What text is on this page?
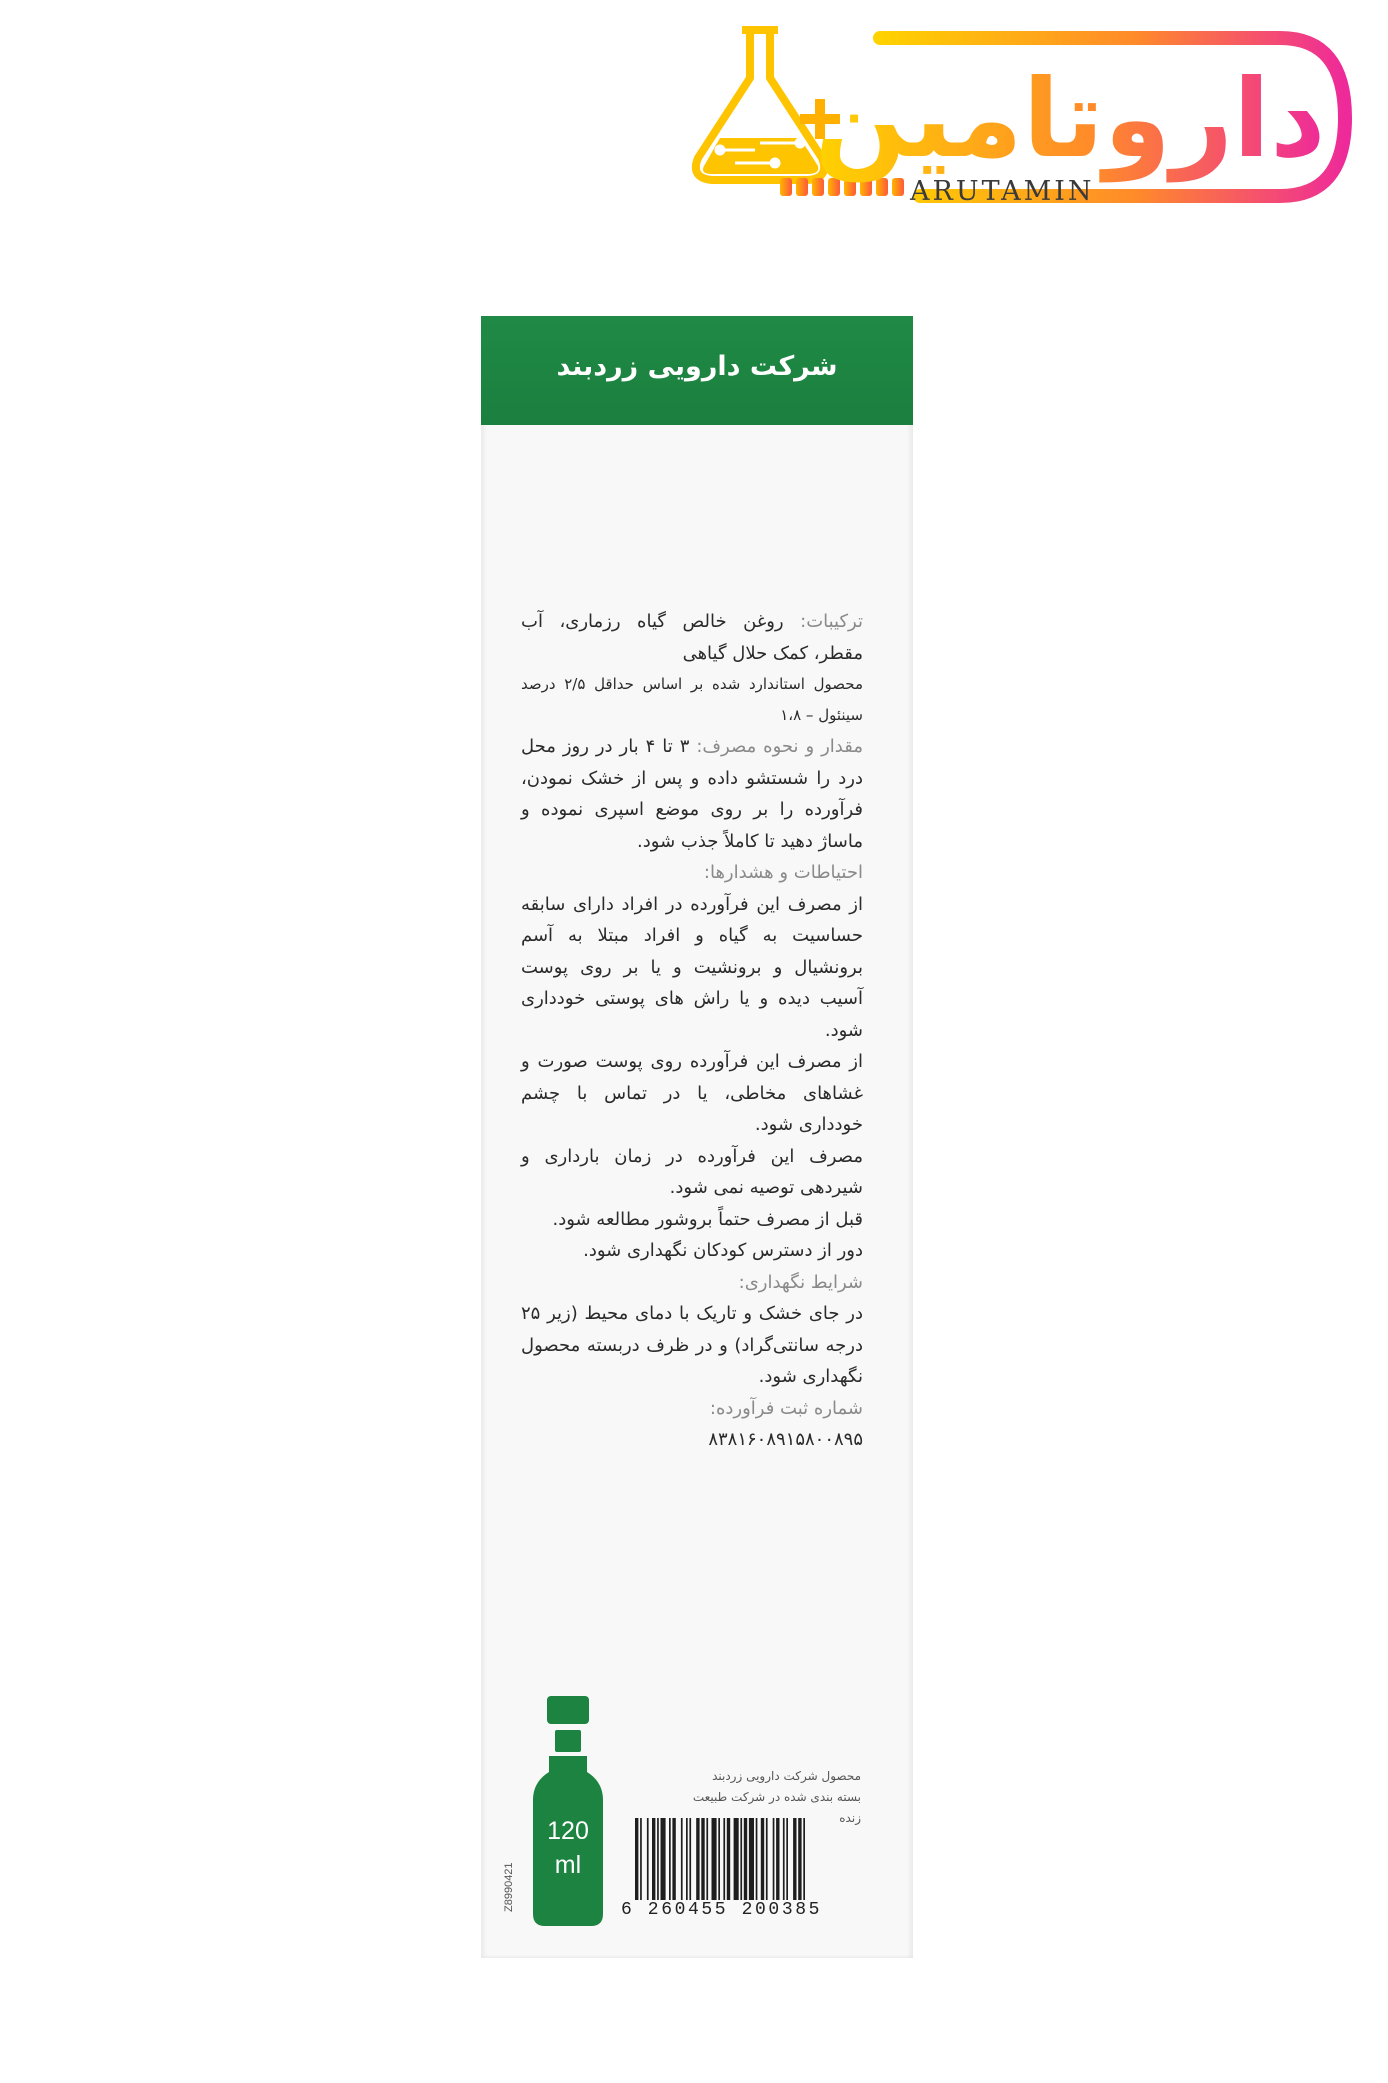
داروتامین
ARUTAMIN
شرکت دارویی زردبند

ترکیبات: روغن خالص گیاه رزماری، آب مقطر، کمک حلال گیاهی

محصول استاندارد شده بر اساس حداقل ۲/۵ درصد سینئول – ۱،۸

مقدار و نحوه مصرف: ۳ تا ۴ بار در روز محل درد را شستشو داده و پس از خشک نمودن، فرآورده را بر روی موضع اسپری نموده و ماساژ دهید تا کاملاً جذب شود.

احتیاطات و هشدارها:

از مصرف این فرآورده در افراد دارای سابقه حساسیت به گیاه و افراد مبتلا به آسم برونشیال و برونشیت و یا بر روی پوست آسیب دیده و یا راش های پوستی خودداری شود.

از مصرف این فرآورده روی پوست صورت و غشاهای مخاطی، یا در تماس با چشم خودداری شود.

مصرف این فرآورده در زمان بارداری و شیردهی توصیه نمی شود.

قبل از مصرف حتماً بروشور مطالعه شود.

دور از دسترس کودکان نگهداری شود.

شرایط نگهداری:

در جای خشک و تاریک با دمای محیط (زیر ۲۵ درجه سانتی‌گراد) و در ظرف دربسته محصول نگهداری شود.

شماره ثبت فرآورده:

۸۳۸۱۶۰۸۹۱۵۸۰۰۸۹۵

120
ml
Z8990421
محصول شرکت دارویی زردبند
بسته بندی شده در شرکت طبیعت زنده
6 260455 200385
